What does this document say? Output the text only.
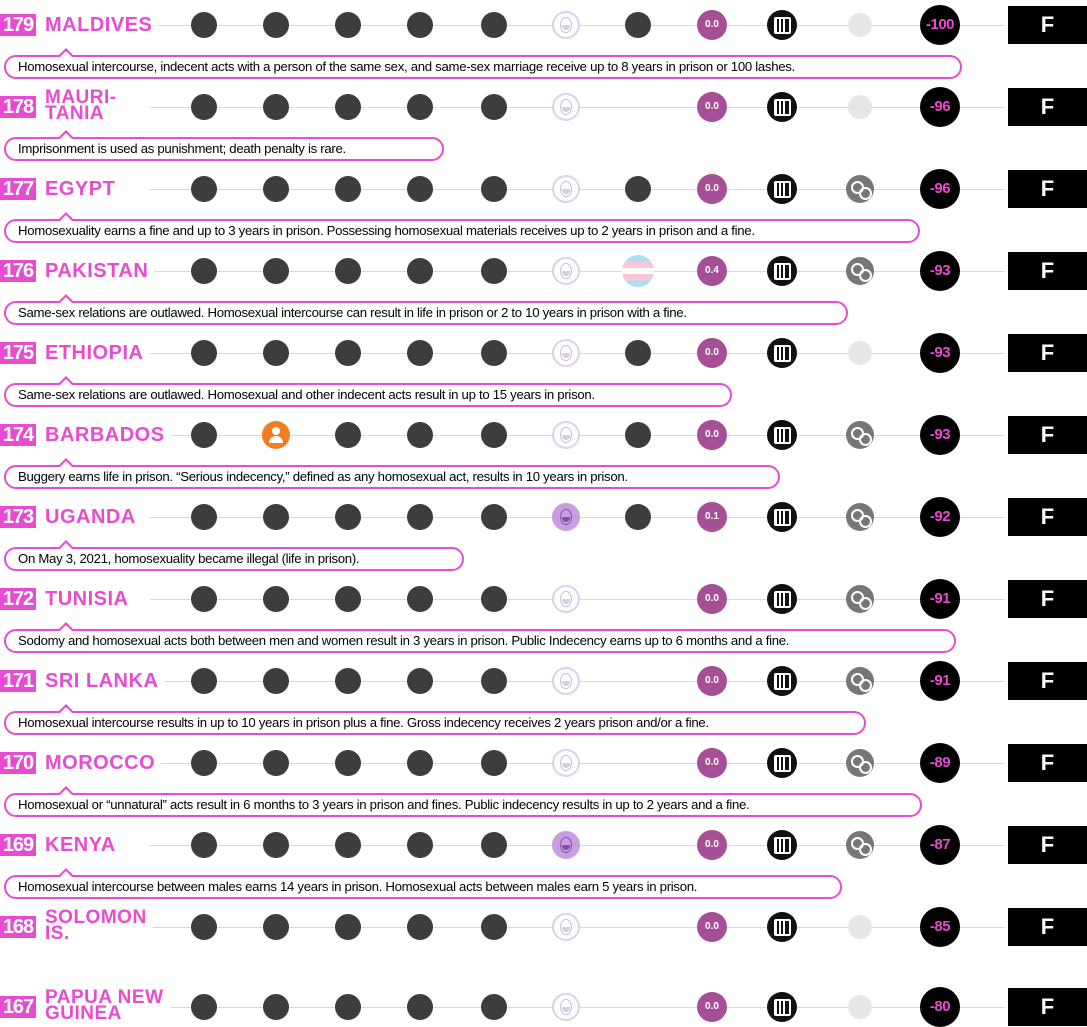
179 MALDIVES	0.0	-100	F
Homosexual intercourse, indecent acts with a person of the same sex, and same-sex marriage receive up to 8 years in prison or 100 lashes.
178 MAURI-
TANIA	0.0	-96	F
Imprisonment is used as punishment; death penalty is rare.
177 EGYPT	0.0	-96	F
Homosexuality earns a fine and up to 3 years in prison. Possessing homosexual materials receives up to 2 years in prison and a fine.
176 PAKISTAN	0.4	-93	F
Same-sex relations are outlawed. Homosexual intercourse can result in life in prison or 2 to 10 years in prison with a fine.
175 ETHIOPIA	0.0	-93	F
Same-sex relations are outlawed. Homosexual and other indecent acts result in up to 15 years in prison.
174 BARBADOS	0.0	-93	F
Buggery earns life in prison. “Serious indecency,” defined as any homosexual act, results in 10 years in prison.
173 UGANDA	0.1	-92	F
On May 3, 2021, homosexuality became illegal (life in prison).
172 TUNISIA	0.0	-91	F
Sodomy and homosexual acts both between men and women result in 3 years in prison. Public Indecency earns up to 6 months and a fine.
171 SRI LANKA	0.0	-91	F
Homosexual intercourse results in up to 10 years in prison plus a fine. Gross indecency receives 2 years prison and/or a fine.
170 MOROCCO	0.0	-89	F
Homosexual or “unnatural” acts result in 6 months to 3 years in prison and fines. Public indecency results in up to 2 years and a fine.
169 KENYA	0.0	-87	F
Homosexual intercourse between males earns 14 years in prison. Homosexual acts between males earn 5 years in prison.
168 SOLOMON
IS.	0.0	-85	F
167 PAPUA NEW
GUINEA	0.0	-80	F
